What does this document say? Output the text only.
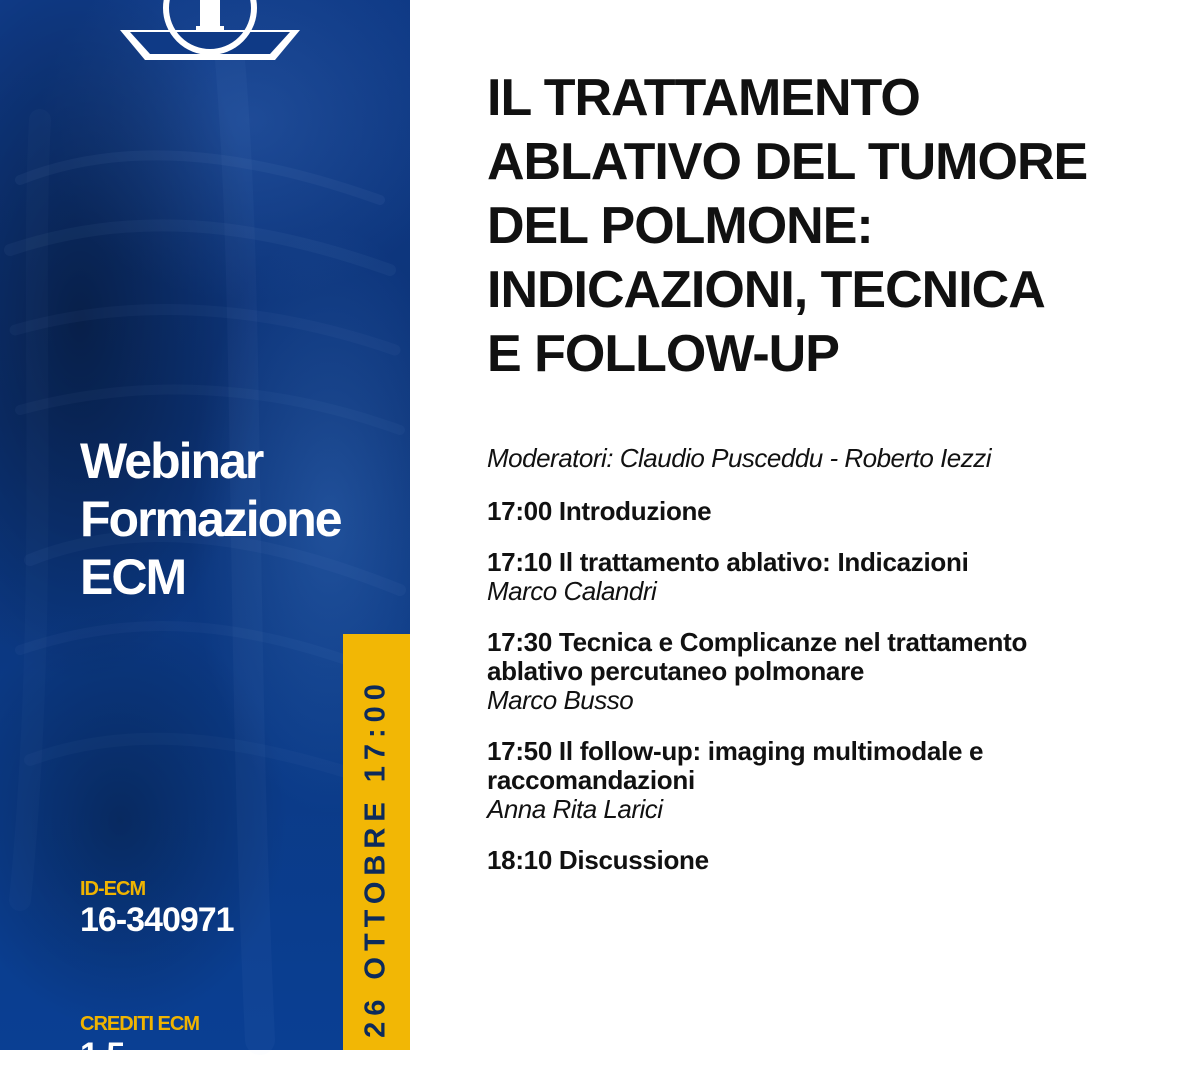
Webinar
Formazione
ECM
ID-ECM
16-340971
CREDITI ECM
1,5
26 OTTOBRE 17:00
IL TRATTAMENTO
ABLATIVO DEL TUMORE
DEL POLMONE:
INDICAZIONI, TECNICA
E FOLLOW-UP
Moderatori: Claudio Pusceddu - Roberto Iezzi
17:00 Introduzione
17:10 Il trattamento ablativo: Indicazioni
Marco Calandri
17:30 Tecnica e Complicanze nel trattamento
ablativo percutaneo polmonare
Marco Busso
17:50 Il follow-up: imaging multimodale e
raccomandazioni
Anna Rita Larici
18:10 Discussione
